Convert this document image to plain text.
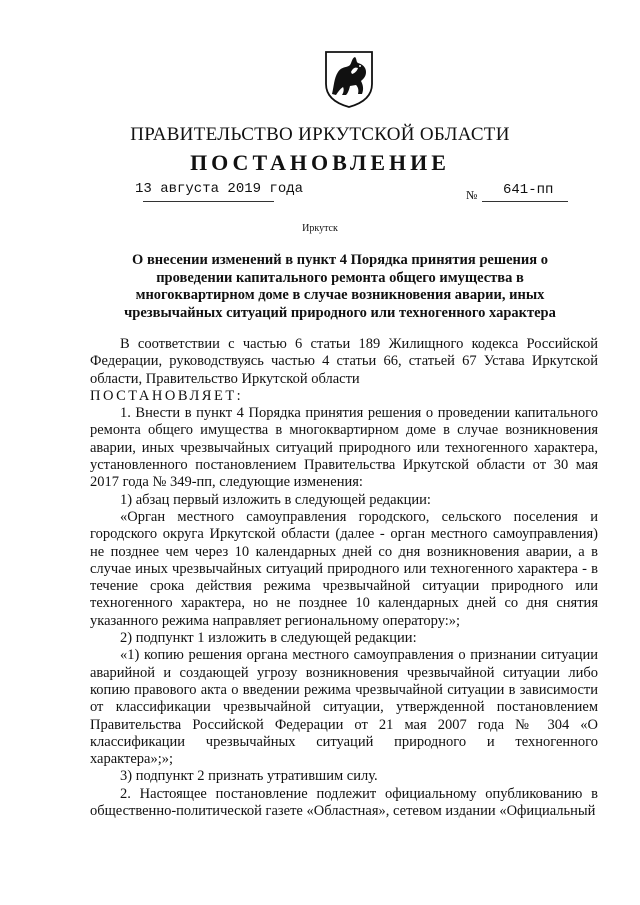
ПРАВИТЕЛЬСТВО ИРКУТСКОЙ ОБЛАСТИ
ПОСТАНОВЛЕНИЕ
13 августа 2019 года	№ 641-пп
Иркутск
О внесении изменений в пункт 4 Порядка принятия решения о проведении капитального ремонта общего имущества в многоквартирном доме в случае возникновения аварии, иных чрезвычайных ситуаций природного или техногенного характера

В соответствии с частью 6 статьи 189 Жилищного кодекса Российской Федерации, руководствуясь частью 4 статьи 66, статьей 67 Устава Иркутской области, Правительство Иркутской области

ПОСТАНОВЛЯЕТ:

1. Внести в пункт 4 Порядка принятия решения о проведении капитального ремонта общего имущества в многоквартирном доме в случае возникновения аварии, иных чрезвычайных ситуаций природного или техногенного характера, установленного постановлением Правительства Иркутской области от 30 мая 2017 года № 349-пп, следующие изменения:

1) абзац первый изложить в следующей редакции:

«Орган местного самоуправления городского, сельского поселения и городского округа Иркутской области (далее - орган местного самоуправления) не позднее чем через 10 календарных дней со дня возникновения аварии, а в случае иных чрезвычайных ситуаций природного или техногенного характера - в течение срока действия режима чрезвычайной ситуации природного или техногенного характера, но не позднее 10 календарных дней со дня снятия указанного режима направляет региональному оператору:»;

2) подпункт 1 изложить в следующей редакции:

«1) копию решения органа местного самоуправления о признании ситуации аварийной и создающей угрозу возникновения чрезвычайной ситуации либо копию правового акта о введении режима чрезвычайной ситуации в зависимости от классификации чрезвычайной ситуации, утвержденной постановлением Правительства Российской Федерации от 21 мая 2007 года № 304 «О классификации чрезвычайных ситуаций природного и техногенного характера»;»;

3) подпункт 2 признать утратившим силу.

2. Настоящее постановление подлежит официальному опубликованию в общественно-политической газете «Областная», сетевом издании «Официальный
